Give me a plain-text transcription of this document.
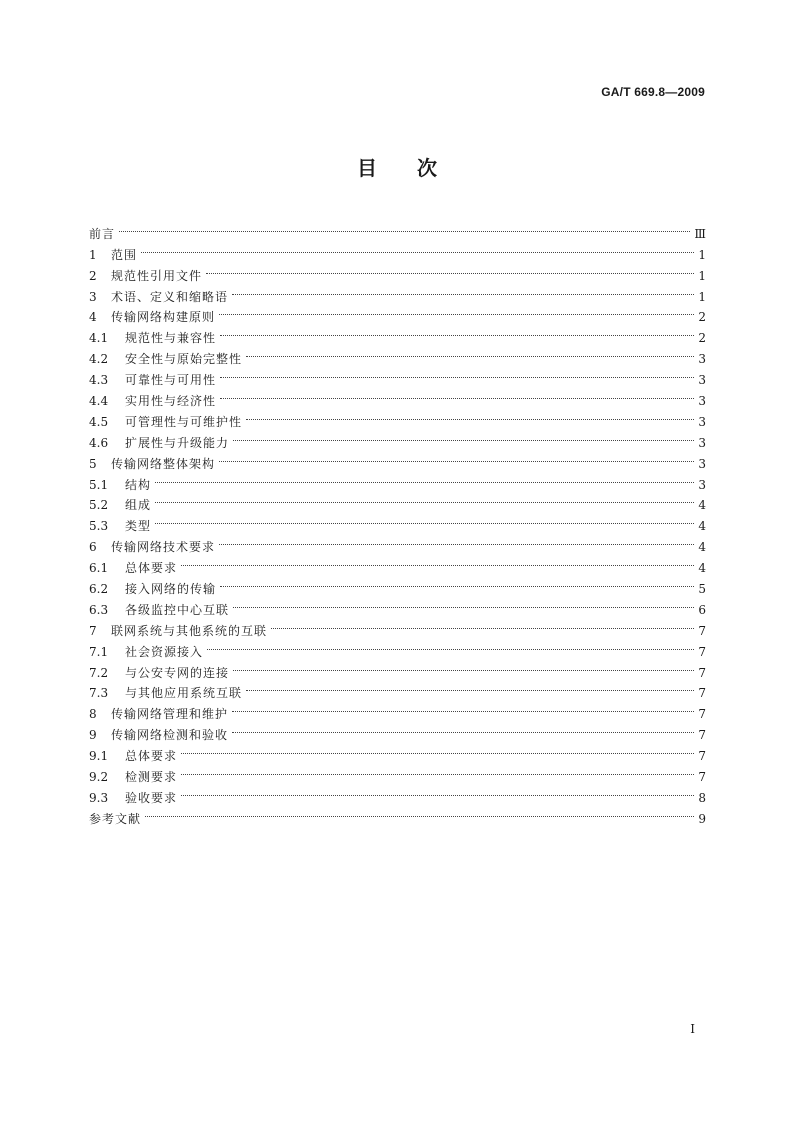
GA/T 669.8—2009
目次
前言	Ⅲ
1	范围	1
2	规范性引用文件	1
3	术语、定义和缩略语	1
4	传输网络构建原则	2
4.1	规范性与兼容性	2
4.2	安全性与原始完整性	3
4.3	可靠性与可用性	3
4.4	实用性与经济性	3
4.5	可管理性与可维护性	3
4.6	扩展性与升级能力	3
5	传输网络整体架构	3
5.1	结构	3
5.2	组成	4
5.3	类型	4
6	传输网络技术要求	4
6.1	总体要求	4
6.2	接入网络的传输	5
6.3	各级监控中心互联	6
7	联网系统与其他系统的互联	7
7.1	社会资源接入	7
7.2	与公安专网的连接	7
7.3	与其他应用系统互联	7
8	传输网络管理和维护	7
9	传输网络检测和验收	7
9.1	总体要求	7
9.2	检测要求	7
9.3	验收要求	8
参考文献	9
I
